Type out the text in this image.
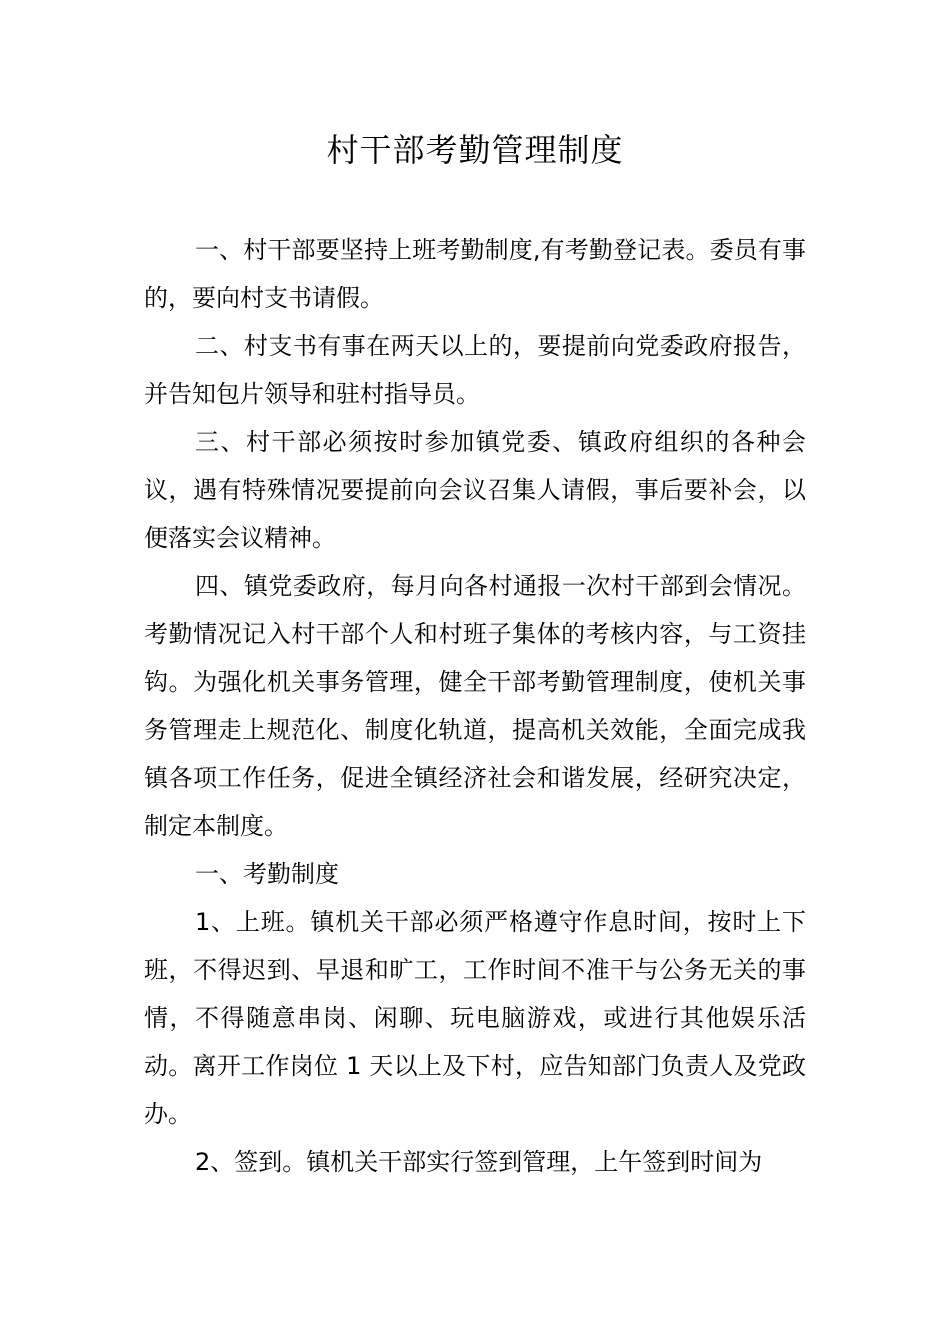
村干部考勤管理制度

一、村干部要坚持上班考勤制度,有考勤登记表。委员有事的，要向村支书请假。

二、村支书有事在两天以上的，要提前向党委政府报告，并告知包片领导和驻村指导员。

三、村干部必须按时参加镇党委、镇政府组织的各种会议，遇有特殊情况要提前向会议召集人请假，事后要补会，以便落实会议精神。

四、镇党委政府，每月向各村通报一次村干部到会情况。考勤情况记入村干部个人和村班子集体的考核内容，与工资挂钩。为强化机关事务管理，健全干部考勤管理制度，使机关事务管理走上规范化、制度化轨道，提高机关效能，全面完成我镇各项工作任务，促进全镇经济社会和谐发展，经研究决定，制定本制度。

一、考勤制度

1、上班。镇机关干部必须严格遵守作息时间，按时上下班，不得迟到、早退和旷工，工作时间不准干与公务无关的事情，不得随意串岗、闲聊、玩电脑游戏，或进行其他娱乐活动。离开工作岗位 1 天以上及下村，应告知部门负责人及党政办。

2、签到。镇机关干部实行签到管理，上午签到时间为
